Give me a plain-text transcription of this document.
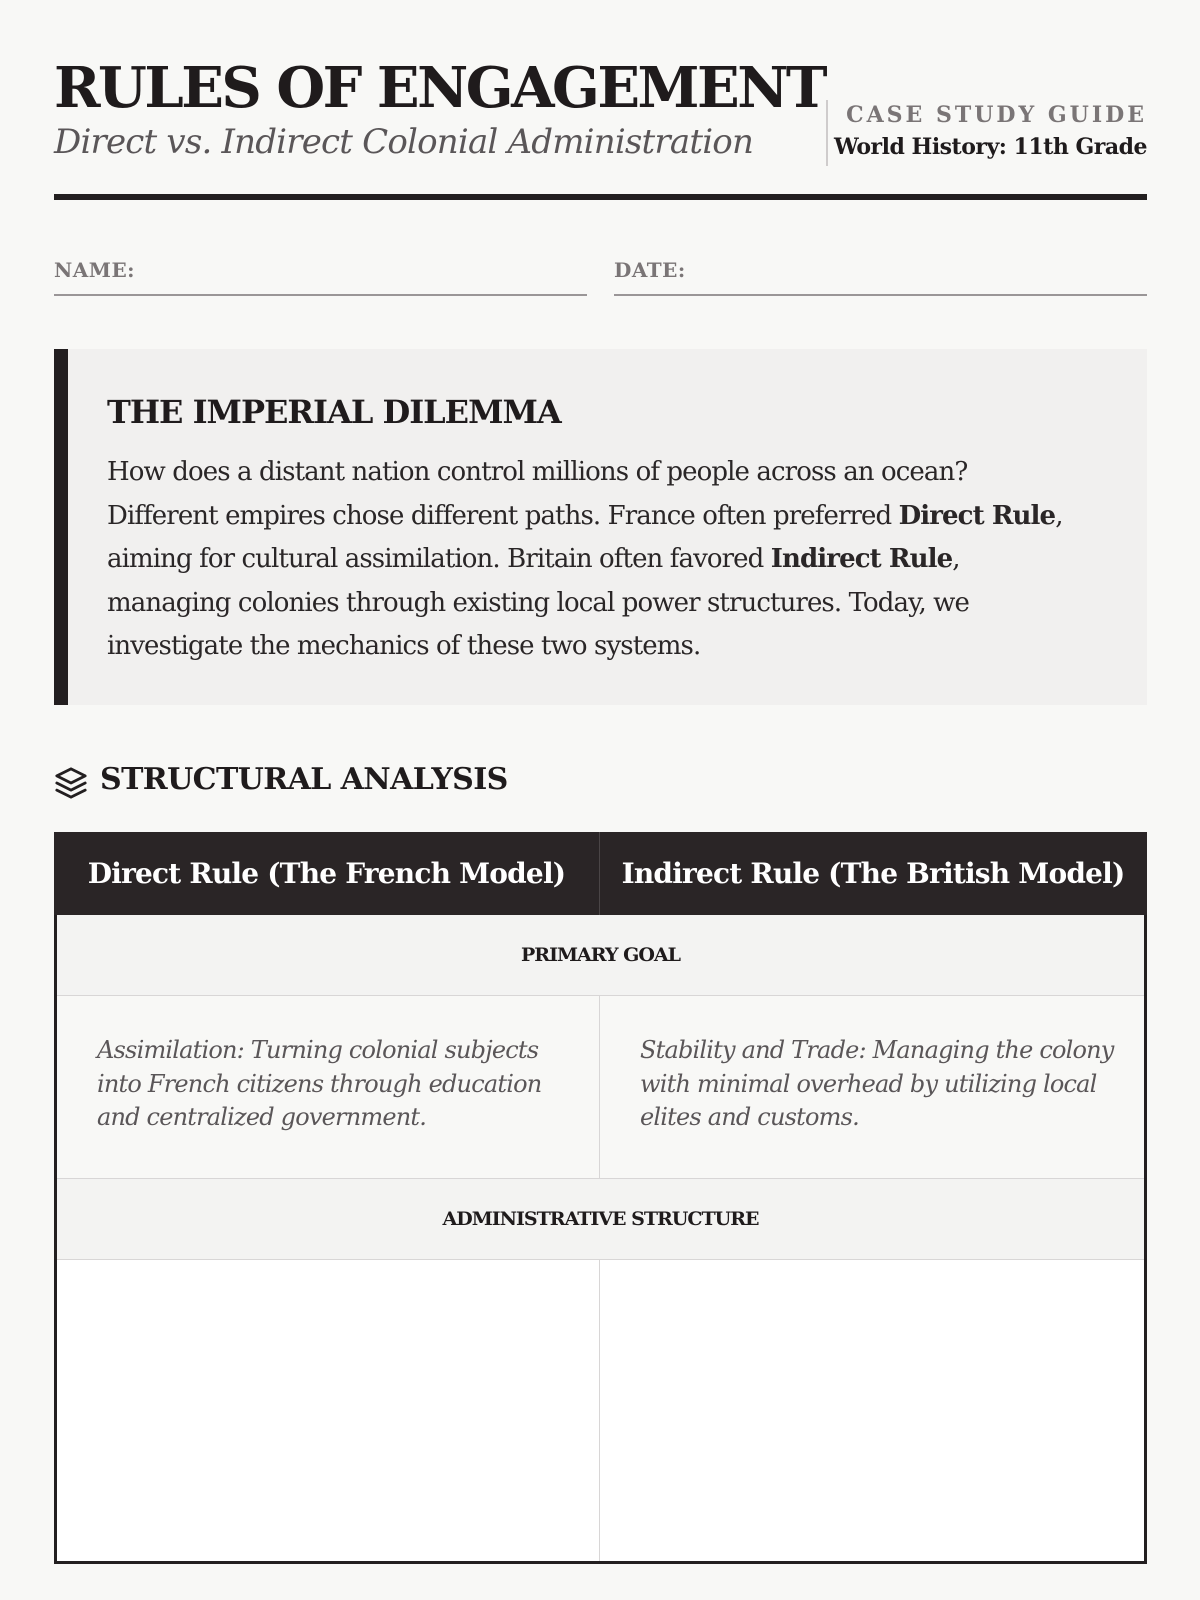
RULES OF ENGAGEMENT

Direct vs. Indirect Colonial Administration

CASE STUDY GUIDE
World History: 11th Grade
NAME:	DATE:
THE IMPERIAL DILEMMA
How does a distant nation control millions of people across an ocean?
Different empires chose different paths. France often preferred Direct Rule,
aiming for cultural assimilation. Britain often favored Indirect Rule,
managing colonies through existing local power structures. Today, we
investigate the mechanics of these two systems.
STRUCTURAL ANALYSIS
Direct Rule (The French Model)	Indirect Rule (The British Model)
PRIMARY GOAL
Assimilation: Turning colonial subjects
into French citizens through education
and centralized government.
Stability and Trade: Managing the colony
with minimal overhead by utilizing local
elites and customs.
ADMINISTRATIVE STRUCTURE
